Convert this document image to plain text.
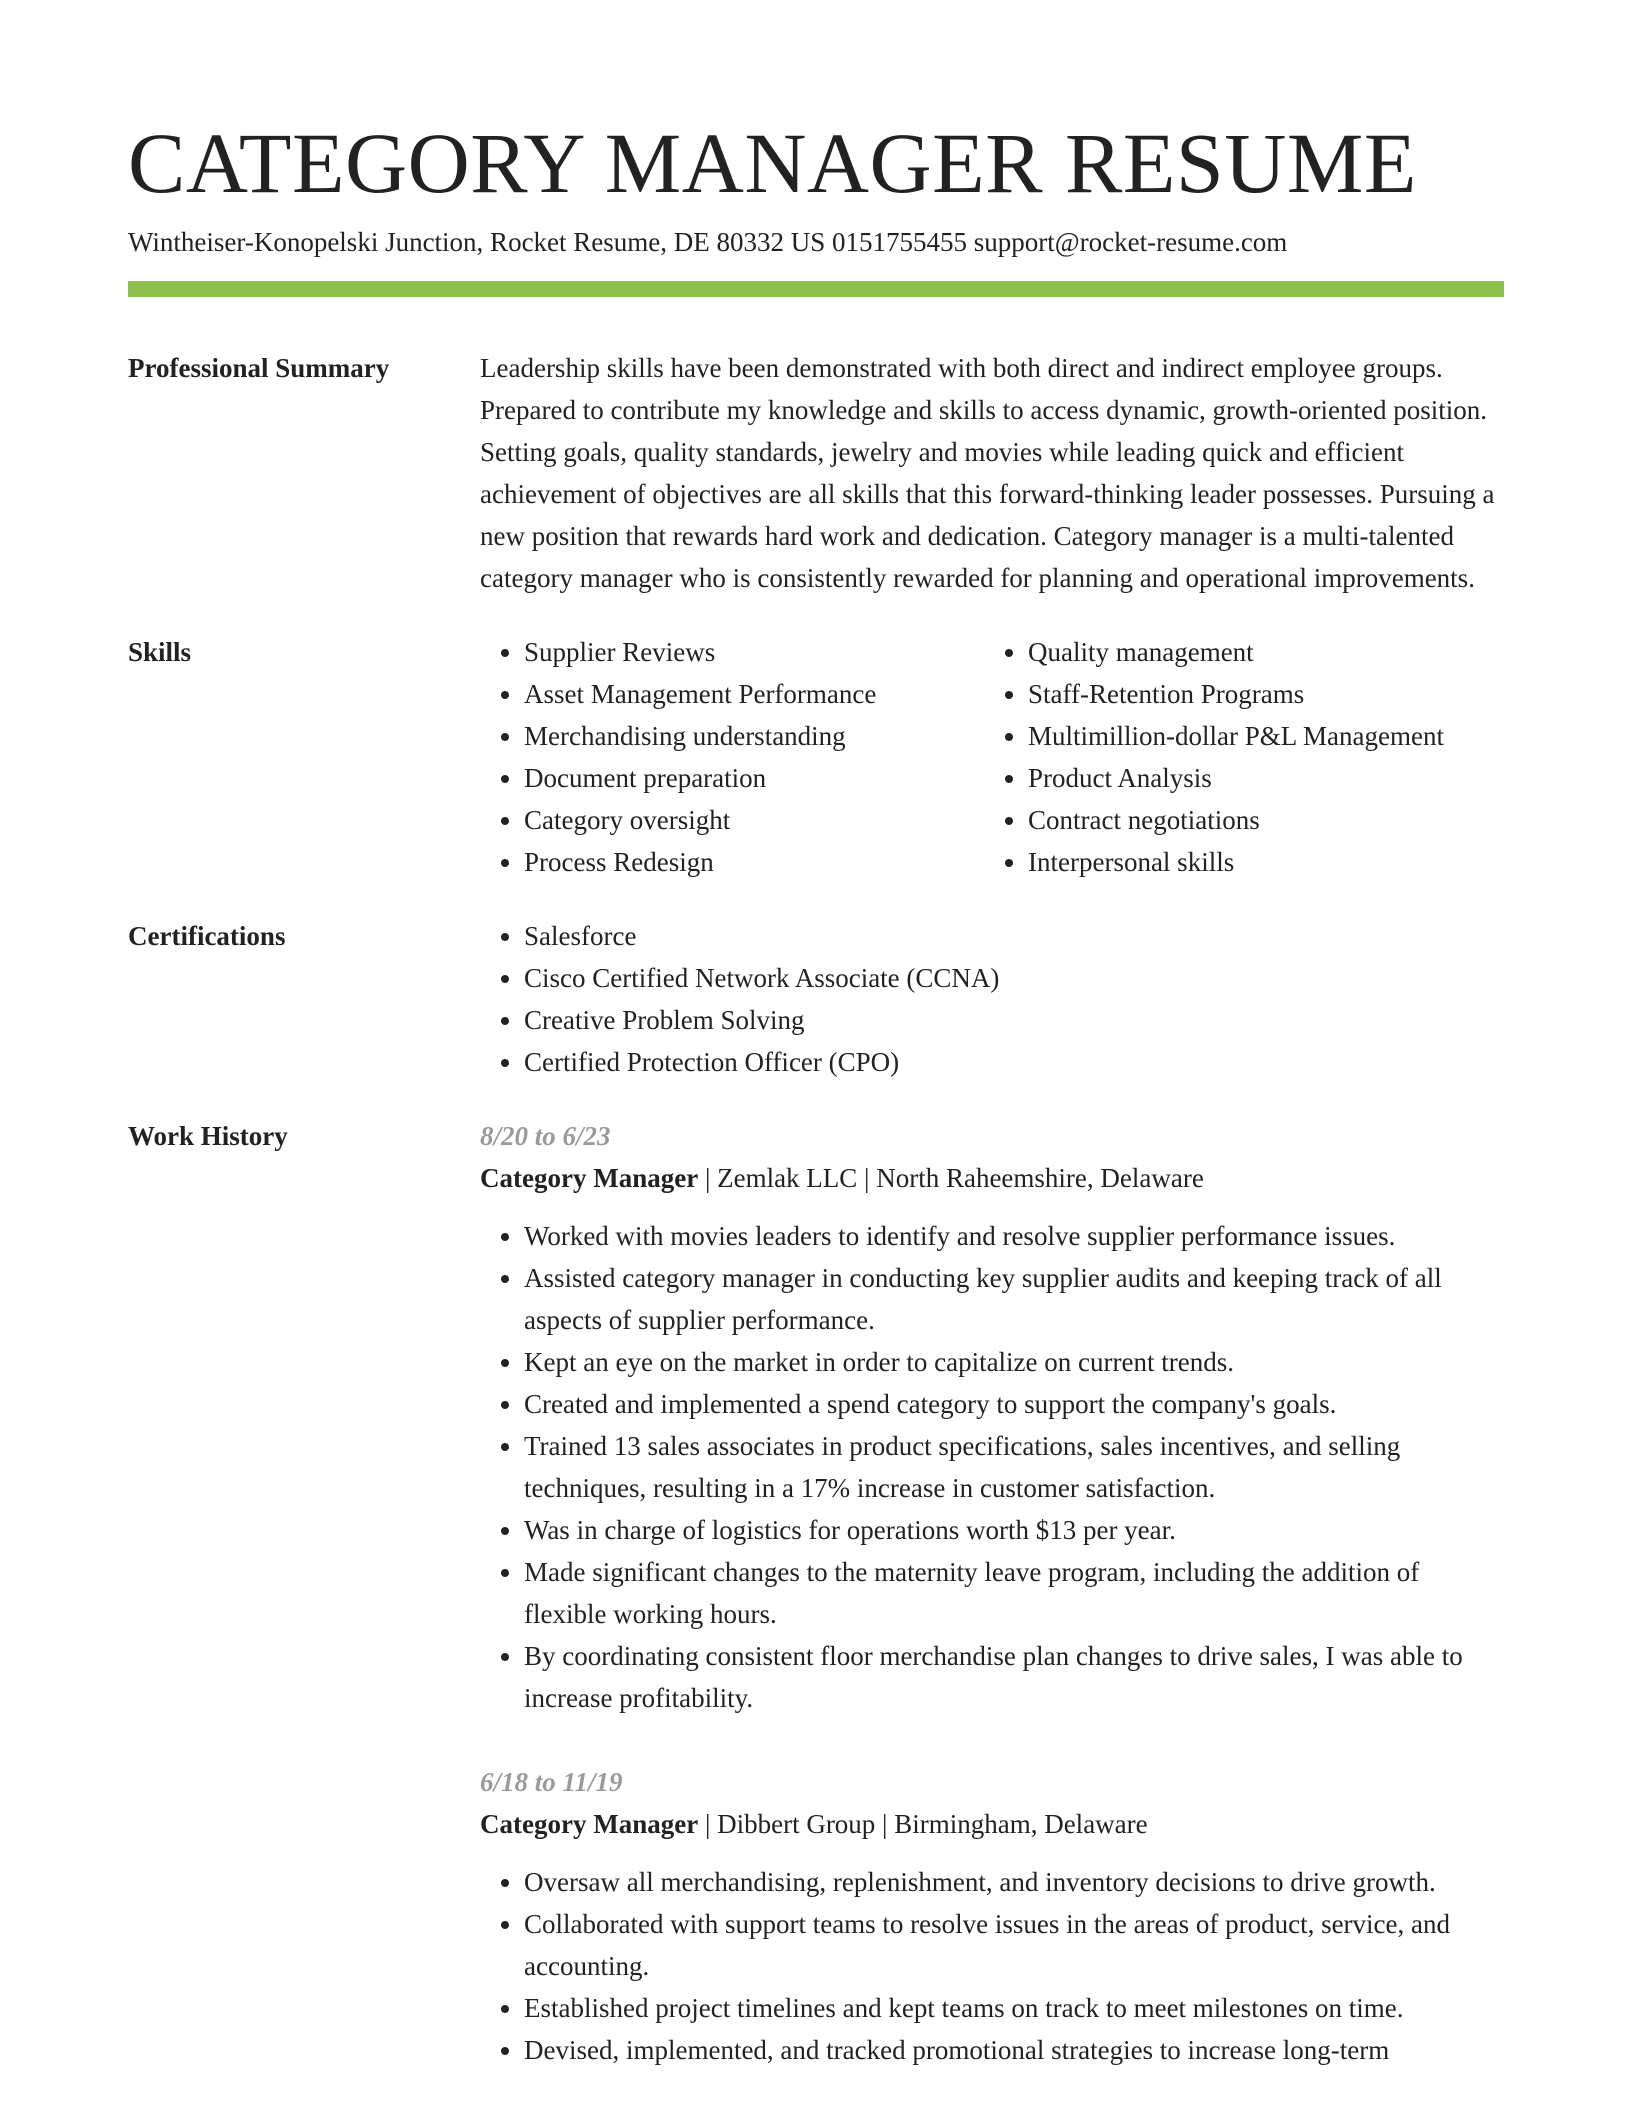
CATEGORY MANAGER RESUME
Wintheiser-Konopelski Junction, Rocket Resume, DE 80332 US 0151755455 support@rocket-resume.com
Professional Summary	Leadership skills have been demonstrated with both direct and indirect employee groups. Prepared to contribute my knowledge and skills to access dynamic, growth-oriented position. Setting goals, quality standards, jewelry and movies while leading quick and efficient achievement of objectives are all skills that this forward-thinking leader possesses. Pursuing a new position that rewards hard work and dedication. Category manager is a multi-talented category manager who is consistently rewarded for planning and operational improvements.
Skills	• Supplier Reviews
• Asset Management Performance
• Merchandising understanding
• Document preparation
• Category oversight
• Process Redesign
• Quality management
• Staff-Retention Programs
• Multimillion-dollar P&L Management
• Product Analysis
• Contract negotiations
• Interpersonal skills
Certifications	• Salesforce
• Cisco Certified Network Associate (CCNA)
• Creative Problem Solving
• Certified Protection Officer (CPO)
Work History	8/20 to 6/23
Category Manager | Zemlak LLC | North Raheemshire, Delaware
• Worked with movies leaders to identify and resolve supplier performance issues.
• Assisted category manager in conducting key supplier audits and keeping track of all aspects of supplier performance.
• Kept an eye on the market in order to capitalize on current trends.
• Created and implemented a spend category to support the company's goals.
• Trained 13 sales associates in product specifications, sales incentives, and selling techniques, resulting in a 17% increase in customer satisfaction.
• Was in charge of logistics for operations worth $13 per year.
• Made significant changes to the maternity leave program, including the addition of flexible working hours.
• By coordinating consistent floor merchandise plan changes to drive sales, I was able to increase profitability.
6/18 to 11/19
Category Manager | Dibbert Group | Birmingham, Delaware
• Oversaw all merchandising, replenishment, and inventory decisions to drive growth.
• Collaborated with support teams to resolve issues in the areas of product, service, and accounting.
• Established project timelines and kept teams on track to meet milestones on time.
• Devised, implemented, and tracked promotional strategies to increase long-term
